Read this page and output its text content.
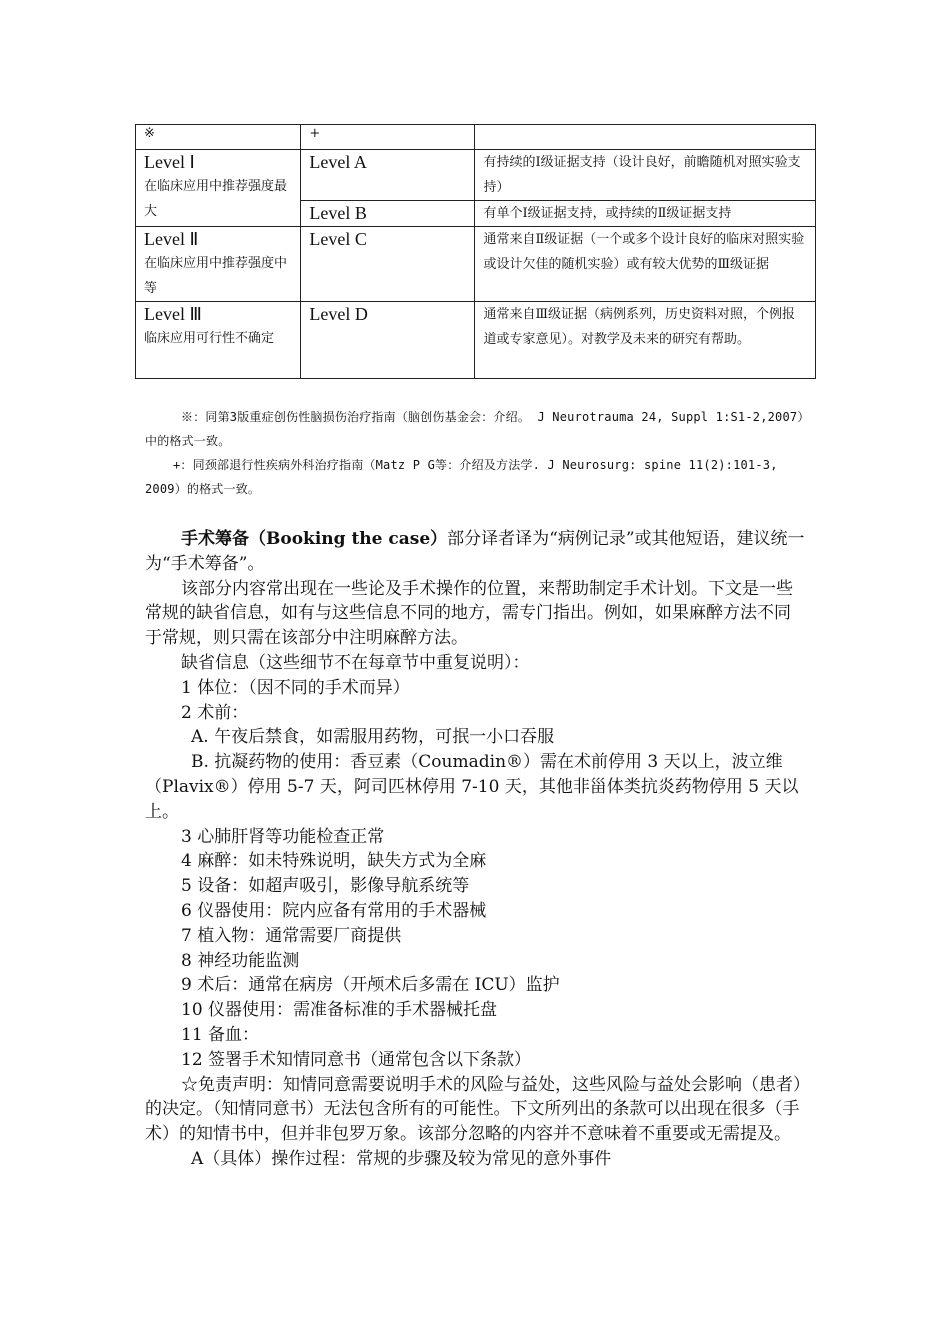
※	+	

Level Ⅰ
在临床应用中推荐强度最大	Level A	有持续的Ⅰ级证据支持（设计良好，前瞻随机对照实验支持）

	Level B	有单个Ⅰ级证据支持，或持续的Ⅱ级证据支持

Level Ⅱ
在临床应用中推荐强度中等	Level C	通常来自Ⅱ级证据（一个或多个设计良好的临床对照实验或设计欠佳的随机实验）或有较大优势的Ⅲ级证据

Level Ⅲ
临床应用可行性不确定	Level D	通常来自Ⅲ级证据（病例系列，历史资料对照，个例报道或专家意见）。对教学及未来的研究有帮助。
※：同第3版重症创伤性脑损伤治疗指南（脑创伤基金会：介绍。 J Neurotrauma 24, Suppl 1:S1-2,2007）中的格式一致。
+：同颈部退行性疾病外科治疗指南（Matz P G等：介绍及方法学. J Neurosurg: spine 11(2):101-3, 2009）的格式一致。

手术筹备（Booking the case）部分译者译为“病例记录”或其他短语，建议统一为“手术筹备”。

该部分内容常出现在一些论及手术操作的位置，来帮助制定手术计划。下文是一些常规的缺省信息，如有与这些信息不同的地方，需专门指出。例如，如果麻醉方法不同于常规，则只需在该部分中注明麻醉方法。

缺省信息（这些细节不在每章节中重复说明）：

1 体位：（因不同的手术而异）

2 术前：

A. 午夜后禁食，如需服用药物，可抿一小口吞服

B. 抗凝药物的使用：香豆素（Coumadin®）需在术前停用 3 天以上，波立维（Plavix®）停用 5-7 天，阿司匹林停用 7-10 天，其他非甾体类抗炎药物停用 5 天以上。

3 心肺肝肾等功能检查正常

4 麻醉：如未特殊说明，缺失方式为全麻

5 设备：如超声吸引，影像导航系统等

6 仪器使用：院内应备有常用的手术器械

7 植入物：通常需要厂商提供

8 神经功能监测

9 术后：通常在病房（开颅术后多需在 ICU）监护

10 仪器使用：需准备标准的手术器械托盘

11 备血：

12 签署手术知情同意书（通常包含以下条款）

☆免责声明：知情同意需要说明手术的风险与益处，这些风险与益处会影响（患者）的决定。（知情同意书）无法包含所有的可能性。下文所列出的条款可以出现在很多（手术）的知情书中，但并非包罗万象。该部分忽略的内容并不意味着不重要或无需提及。

A（具体）操作过程：常规的步骤及较为常见的意外事件
